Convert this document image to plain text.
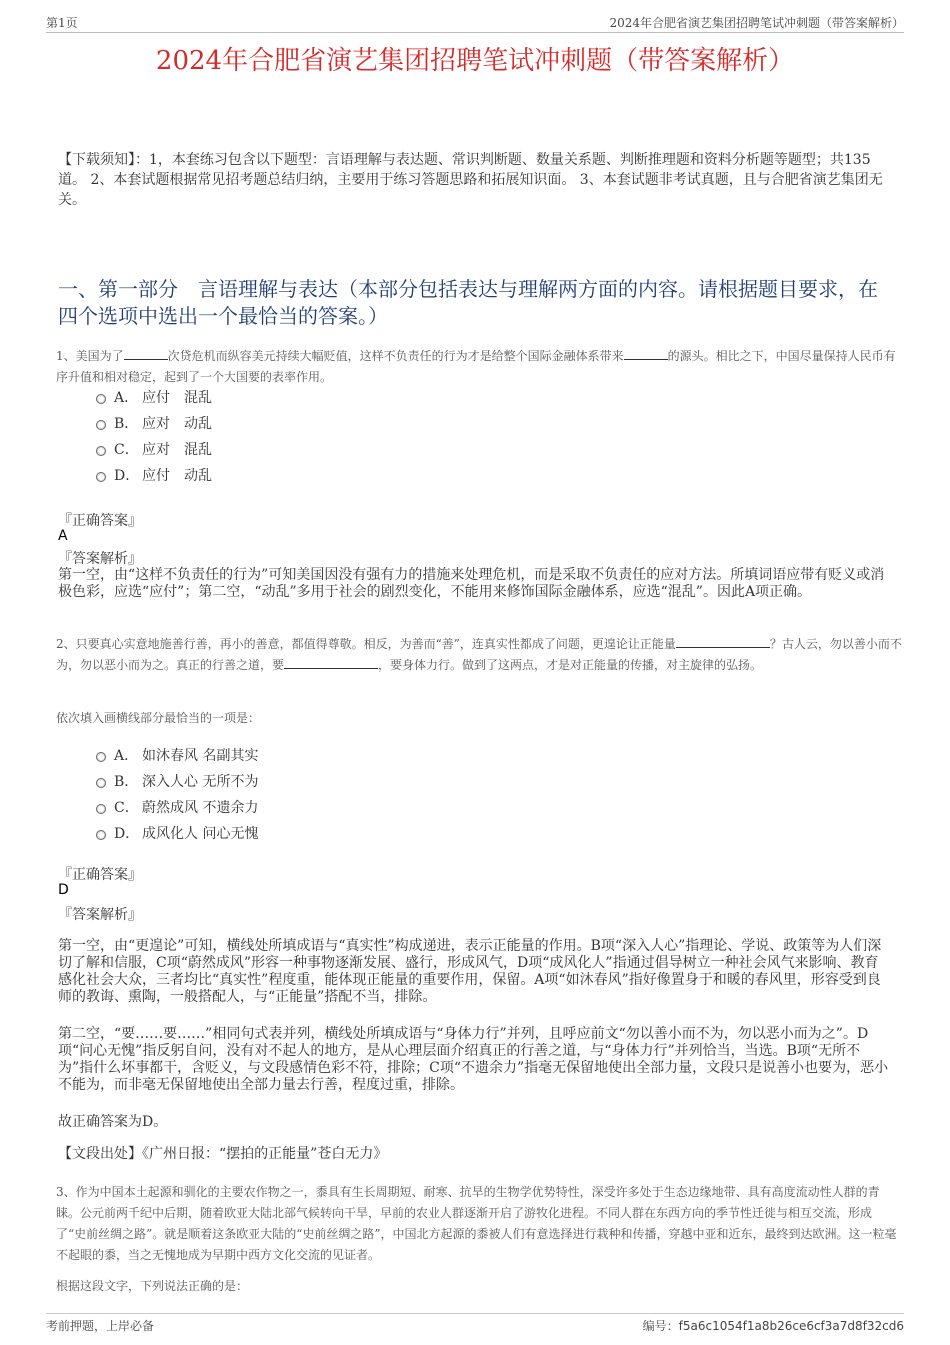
第1页	2024年合肥省演艺集团招聘笔试冲刺题（带答案解析）
2024年合肥省演艺集团招聘笔试冲刺题（带答案解析）
【下载须知】：1，本套练习包含以下题型：言语理解与表达题、常识判断题、数量关系题、判断推理题和资料分析题等题型；共135道。 2、本套试题根据常见招考题总结归纳，主要用于练习答题思路和拓展知识面。 3、本套试题非考试真题，且与合肥省演艺集团无关。
一、第一部分　言语理解与表达（本部分包括表达与理解两方面的内容。请根据题目要求，在四个选项中选出一个最恰当的答案。）
1、美国为了	次贷危机而纵容美元持续大幅贬值，这样不负责任的行为才是给整个国际金融体系带来	的源头。相比之下，中国尽量保持人民币有序升值和相对稳定，起到了一个大国要的表率作用。
A． 应付　混乱
B． 应对　动乱
C． 应对　混乱
D． 应付　动乱
『正确答案』
A
『答案解析』
第一空，由“这样不负责任的行为”可知美国因没有强有力的措施来处理危机，而是采取不负责任的应对方法。所填词语应带有贬义或消极色彩，应选“应付”；第二空，“动乱”多用于社会的剧烈变化，不能用来修饰国际金融体系，应选“混乱”。因此A项正确。
2、只要真心实意地施善行善，再小的善意，都值得尊敬。相反，为善而“善”，连真实性都成了问题，更遑论让正能量	？古人云，勿以善小而不为，勿以恶小而为之。真正的行善之道，要	，要身体力行。做到了这两点，才是对正能量的传播，对主旋律的弘扬。
依次填入画横线部分最恰当的一项是：
A． 如沐春风 名副其实
B． 深入人心 无所不为
C． 蔚然成风 不遗余力
D． 成风化人 问心无愧
『正确答案』
D
『答案解析』
第一空，由“更遑论”可知，横线处所填成语与“真实性”构成递进，表示正能量的作用。B项“深入人心”指理论、学说、政策等为人们深切了解和信服，C项“蔚然成风”形容一种事物逐渐发展、盛行，形成风气，D项“成风化人”指通过倡导树立一种社会风气来影响、教育感化社会大众，三者均比“真实性”程度重，能体现正能量的重要作用，保留。A项“如沐春风”指好像置身于和暖的春风里，形容受到良师的教诲、熏陶，一般搭配人，与“正能量”搭配不当，排除。
第二空，“要……要……”相同句式表并列，横线处所填成语与“身体力行”并列，且呼应前文“勿以善小而不为，勿以恶小而为之”。D项“问心无愧”指反躬自问，没有对不起人的地方，是从心理层面介绍真正的行善之道，与“身体力行”并列恰当，当选。B项“无所不为”指什么坏事都干，含贬义，与文段感情色彩不符，排除；C项“不遗余力”指毫无保留地使出全部力量，文段只是说善小也要为，恶小不能为，而非毫无保留地使出全部力量去行善，程度过重，排除。
故正确答案为D。
【文段出处】《广州日报：“摆拍的正能量”苍白无力》
3、作为中国本土起源和驯化的主要农作物之一，黍具有生长周期短、耐寒、抗旱的生物学优势特性，深受许多处于生态边缘地带、具有高度流动性人群的青睐。公元前两千纪中后期，随着欧亚大陆北部气候转向干旱，早前的农业人群逐渐开启了游牧化进程。不同人群在东西方向的季节性迁徙与相互交流，形成了“史前丝绸之路”。就是顺着这条欧亚大陆的“史前丝绸之路”，中国北方起源的黍被人们有意选择进行栽种和传播，穿越中亚和近东，最终到达欧洲。这一粒毫不起眼的黍，当之无愧地成为早期中西方文化交流的见证者。
根据这段文字，下列说法正确的是：
考前押题，上岸必备	编号：f5a6c1054f1a8b26ce6cf3a7d8f32cd6
